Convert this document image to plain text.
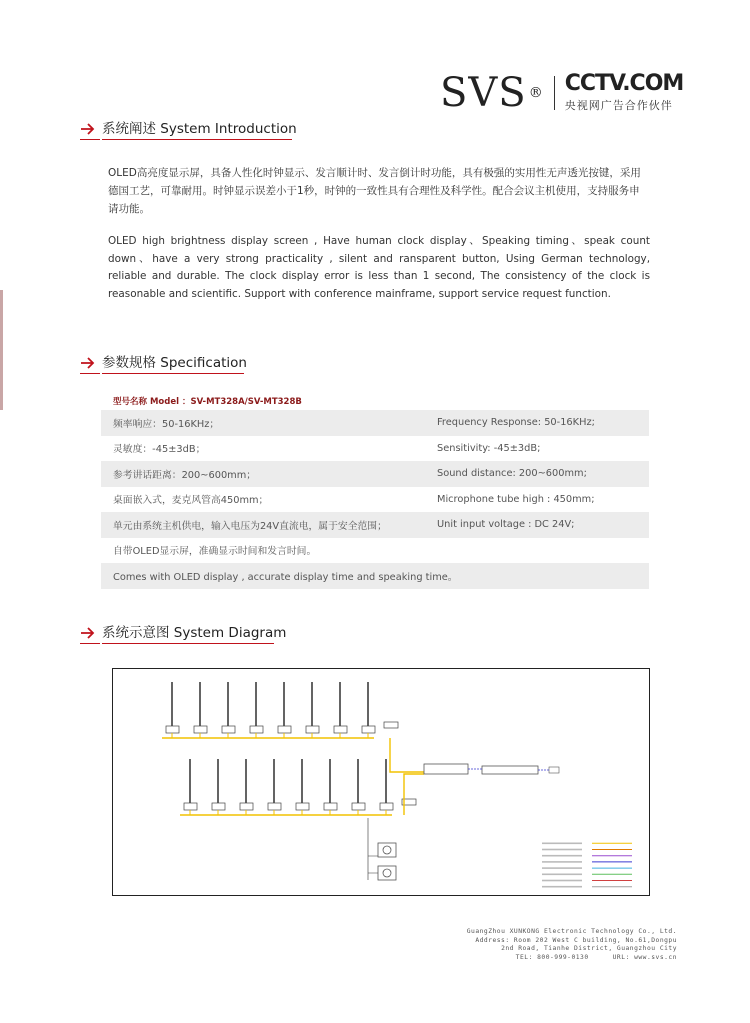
SVS ® CCTV.COM
央视网广告合作伙伴
系统阐述 System Introduction
OLED高亮度显示屏，具备人性化时钟显示、发言顺计时、发言倒计时功能，具有极强的实用性无声透光按键，采用德国工艺，可靠耐用。时钟显示误差小于1秒，时钟的一致性具有合理性及科学性。配合会议主机使用，支持服务申请功能。
OLED high brightness display screen , Have human clock display、Speaking timing、speak count down、have a very strong practicality , silent and ransparent button, Using German technology, reliable and durable. The clock display error is less than 1 second, The consistency of the clock is reasonable and scientific. Support with conference mainframe, support service request function.
参数规格 Specification
型号名称 Model ：SV-MT328A/SV-MT328B
频率响应：50-16KHz；	Frequency Response: 50-16KHz;
灵敏度：-45±3dB；	Sensitivity: -45±3dB;
参考讲话距离：200~600mm；	Sound distance: 200~600mm;
桌面嵌入式，麦克风管高450mm；	Microphone tube high : 450mm;
单元由系统主机供电，输入电压为24V直流电，属于安全范围；	Unit input voltage : DC 24V;
自带OLED显示屏，准确显示时间和发言时间。	
Comes with OLED display , accurate display time and speaking time。	
系统示意图 System Diagram
GuangZhou XUNKONG Electronic Technology Co., Ltd.
Address: Room 202 West C building, No.61,Dongpu
2nd Road, Tianhe District, Guangzhou City
TEL: 800-999-0130	URL: www.svs.cn
